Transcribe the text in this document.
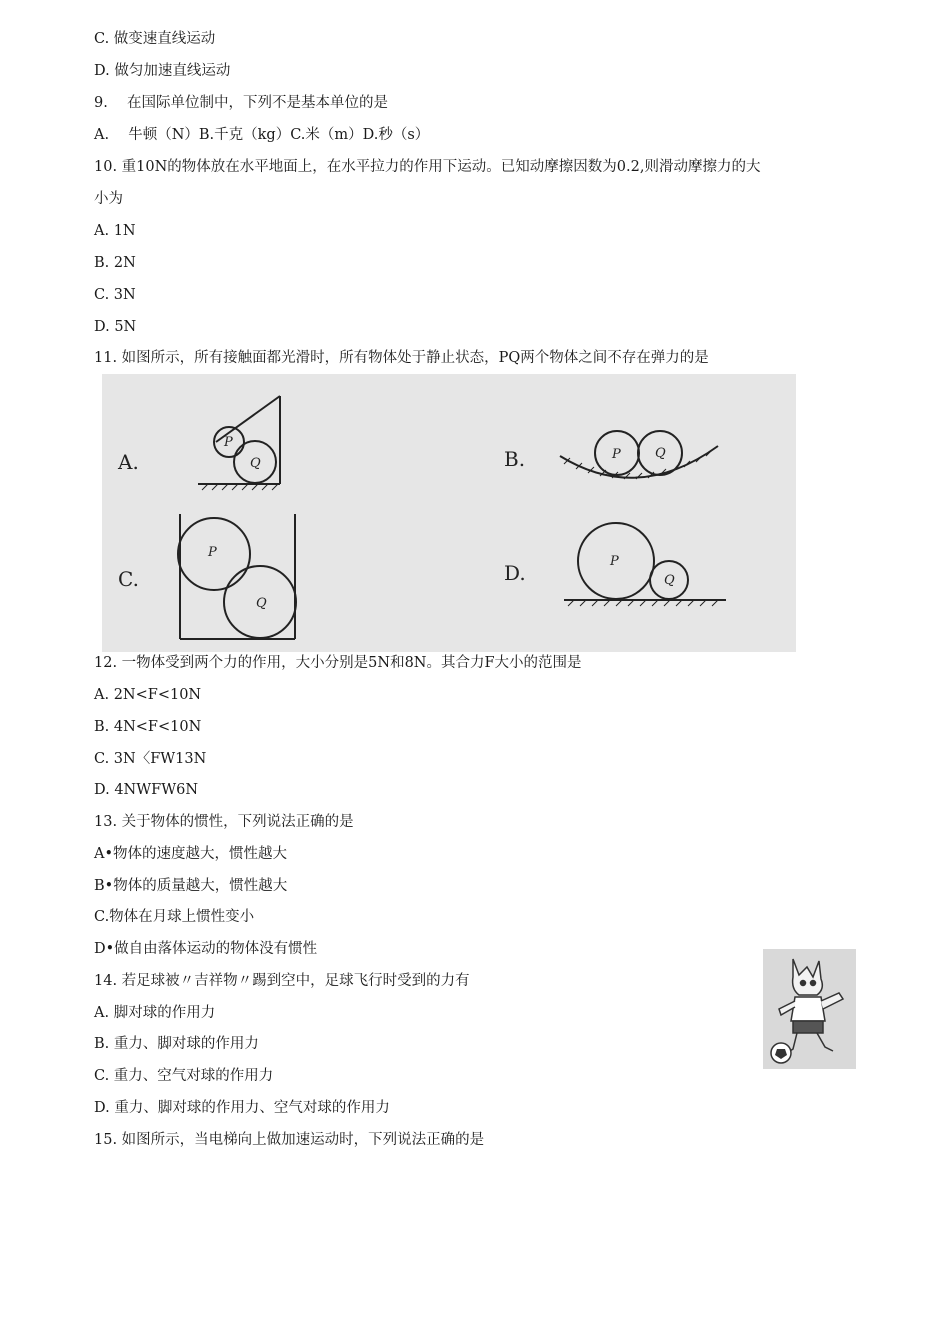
C. 做变速直线运动
D. 做匀加速直线运动
9.　 在国际单位制中，下列不是基本单位的是
A.　 牛顿（N）B.千克（kg）C.米（m）D.秒（s）
10. 重10N的物体放在水平地面上，在水平拉力的作用下运动。已知动摩擦因数为0.2,则滑动摩擦力的大
小为
A. 1N
B. 2N
C. 3N
D. 5N
11. 如图所示，所有接触面都光滑时，所有物体处于静止状态，PQ两个物体之间不存在弹力的是
A.	B.
C.	D.
P
Q
P	Q
P
Q
P
Q
12. 一物体受到两个力的作用，大小分别是5N和8N。其合力F大小的范围是
A. 2N<F<10N
B. 4N<F<10N
C. 3N〈FW13N
D. 4NWFW6N
13. 关于物体的惯性，下列说法正确的是
A•物体的速度越大，惯性越大
B•物体的质量越大，惯性越大
C.物体在月球上惯性变小
D•做自由落体运动的物体没有惯性
14. 若足球被〃吉祥物〃踢到空中，足球飞行时受到的力有
A. 脚对球的作用力
B. 重力、脚对球的作用力
C. 重力、空气对球的作用力
D. 重力、脚对球的作用力、空气对球的作用力
15. 如图所示，当电梯向上做加速运动时，下列说法正确的是
